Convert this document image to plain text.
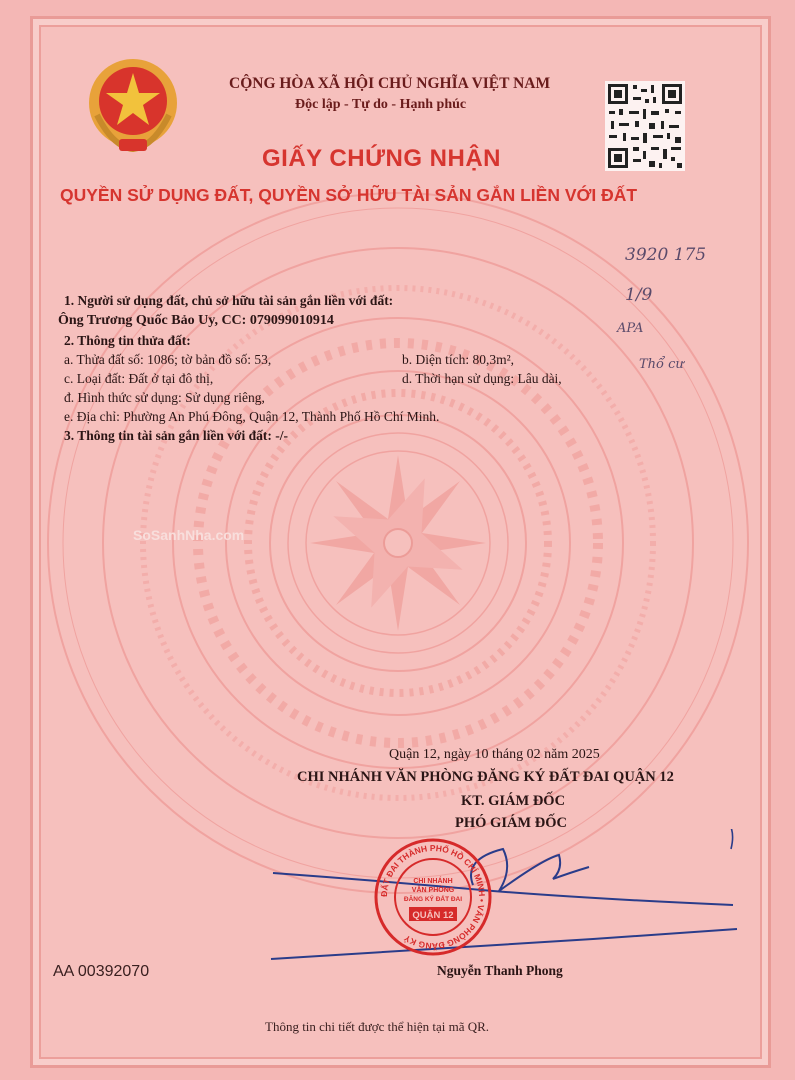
CỘNG HÒA XÃ HỘI CHỦ NGHĨA VIỆT NAM
Độc lập - Tự do - Hạnh phúc
GIẤY CHỨNG NHẬN
QUYỀN SỬ DỤNG ĐẤT, QUYỀN SỞ HỮU TÀI SẢN GẮN LIỀN VỚI ĐẤT
3920 175
1/9
APA
Thổ cư
1. Người sử dụng đất, chủ sở hữu tài sản gắn liền với đất:
Ông Trương Quốc Bảo Uy, CC: 079099010914
2. Thông tin thửa đất:
a. Thửa đất số: 1086; tờ bản đồ số: 53,	b. Diện tích: 80,3m²,
c. Loại đất: Đất ở tại đô thị,	d. Thời hạn sử dụng: Lâu dài,
đ. Hình thức sử dụng: Sử dụng riêng,
e. Địa chỉ: Phường An Phú Đông, Quận 12, Thành Phố Hồ Chí Minh.
3. Thông tin tài sản gắn liền với đất: -/-
SoSanhNha.com
Quận 12, ngày 10 tháng 02 năm 2025
CHI NHÁNH VĂN PHÒNG ĐĂNG KÝ ĐẤT ĐAI QUẬN 12
KT. GIÁM ĐỐC
PHÓ GIÁM ĐỐC
ĐẤT ĐAI THÀNH PHỐ HỒ CHÍ MINH • VĂN PHÒNG ĐĂNG KÝ
CHI NHÁNH
VĂN PHÒNG
ĐĂNG KÝ ĐẤT ĐAI
QUẬN 12
AA 00392070	Nguyễn Thanh Phong
Thông tin chi tiết được thể hiện tại mã QR.
